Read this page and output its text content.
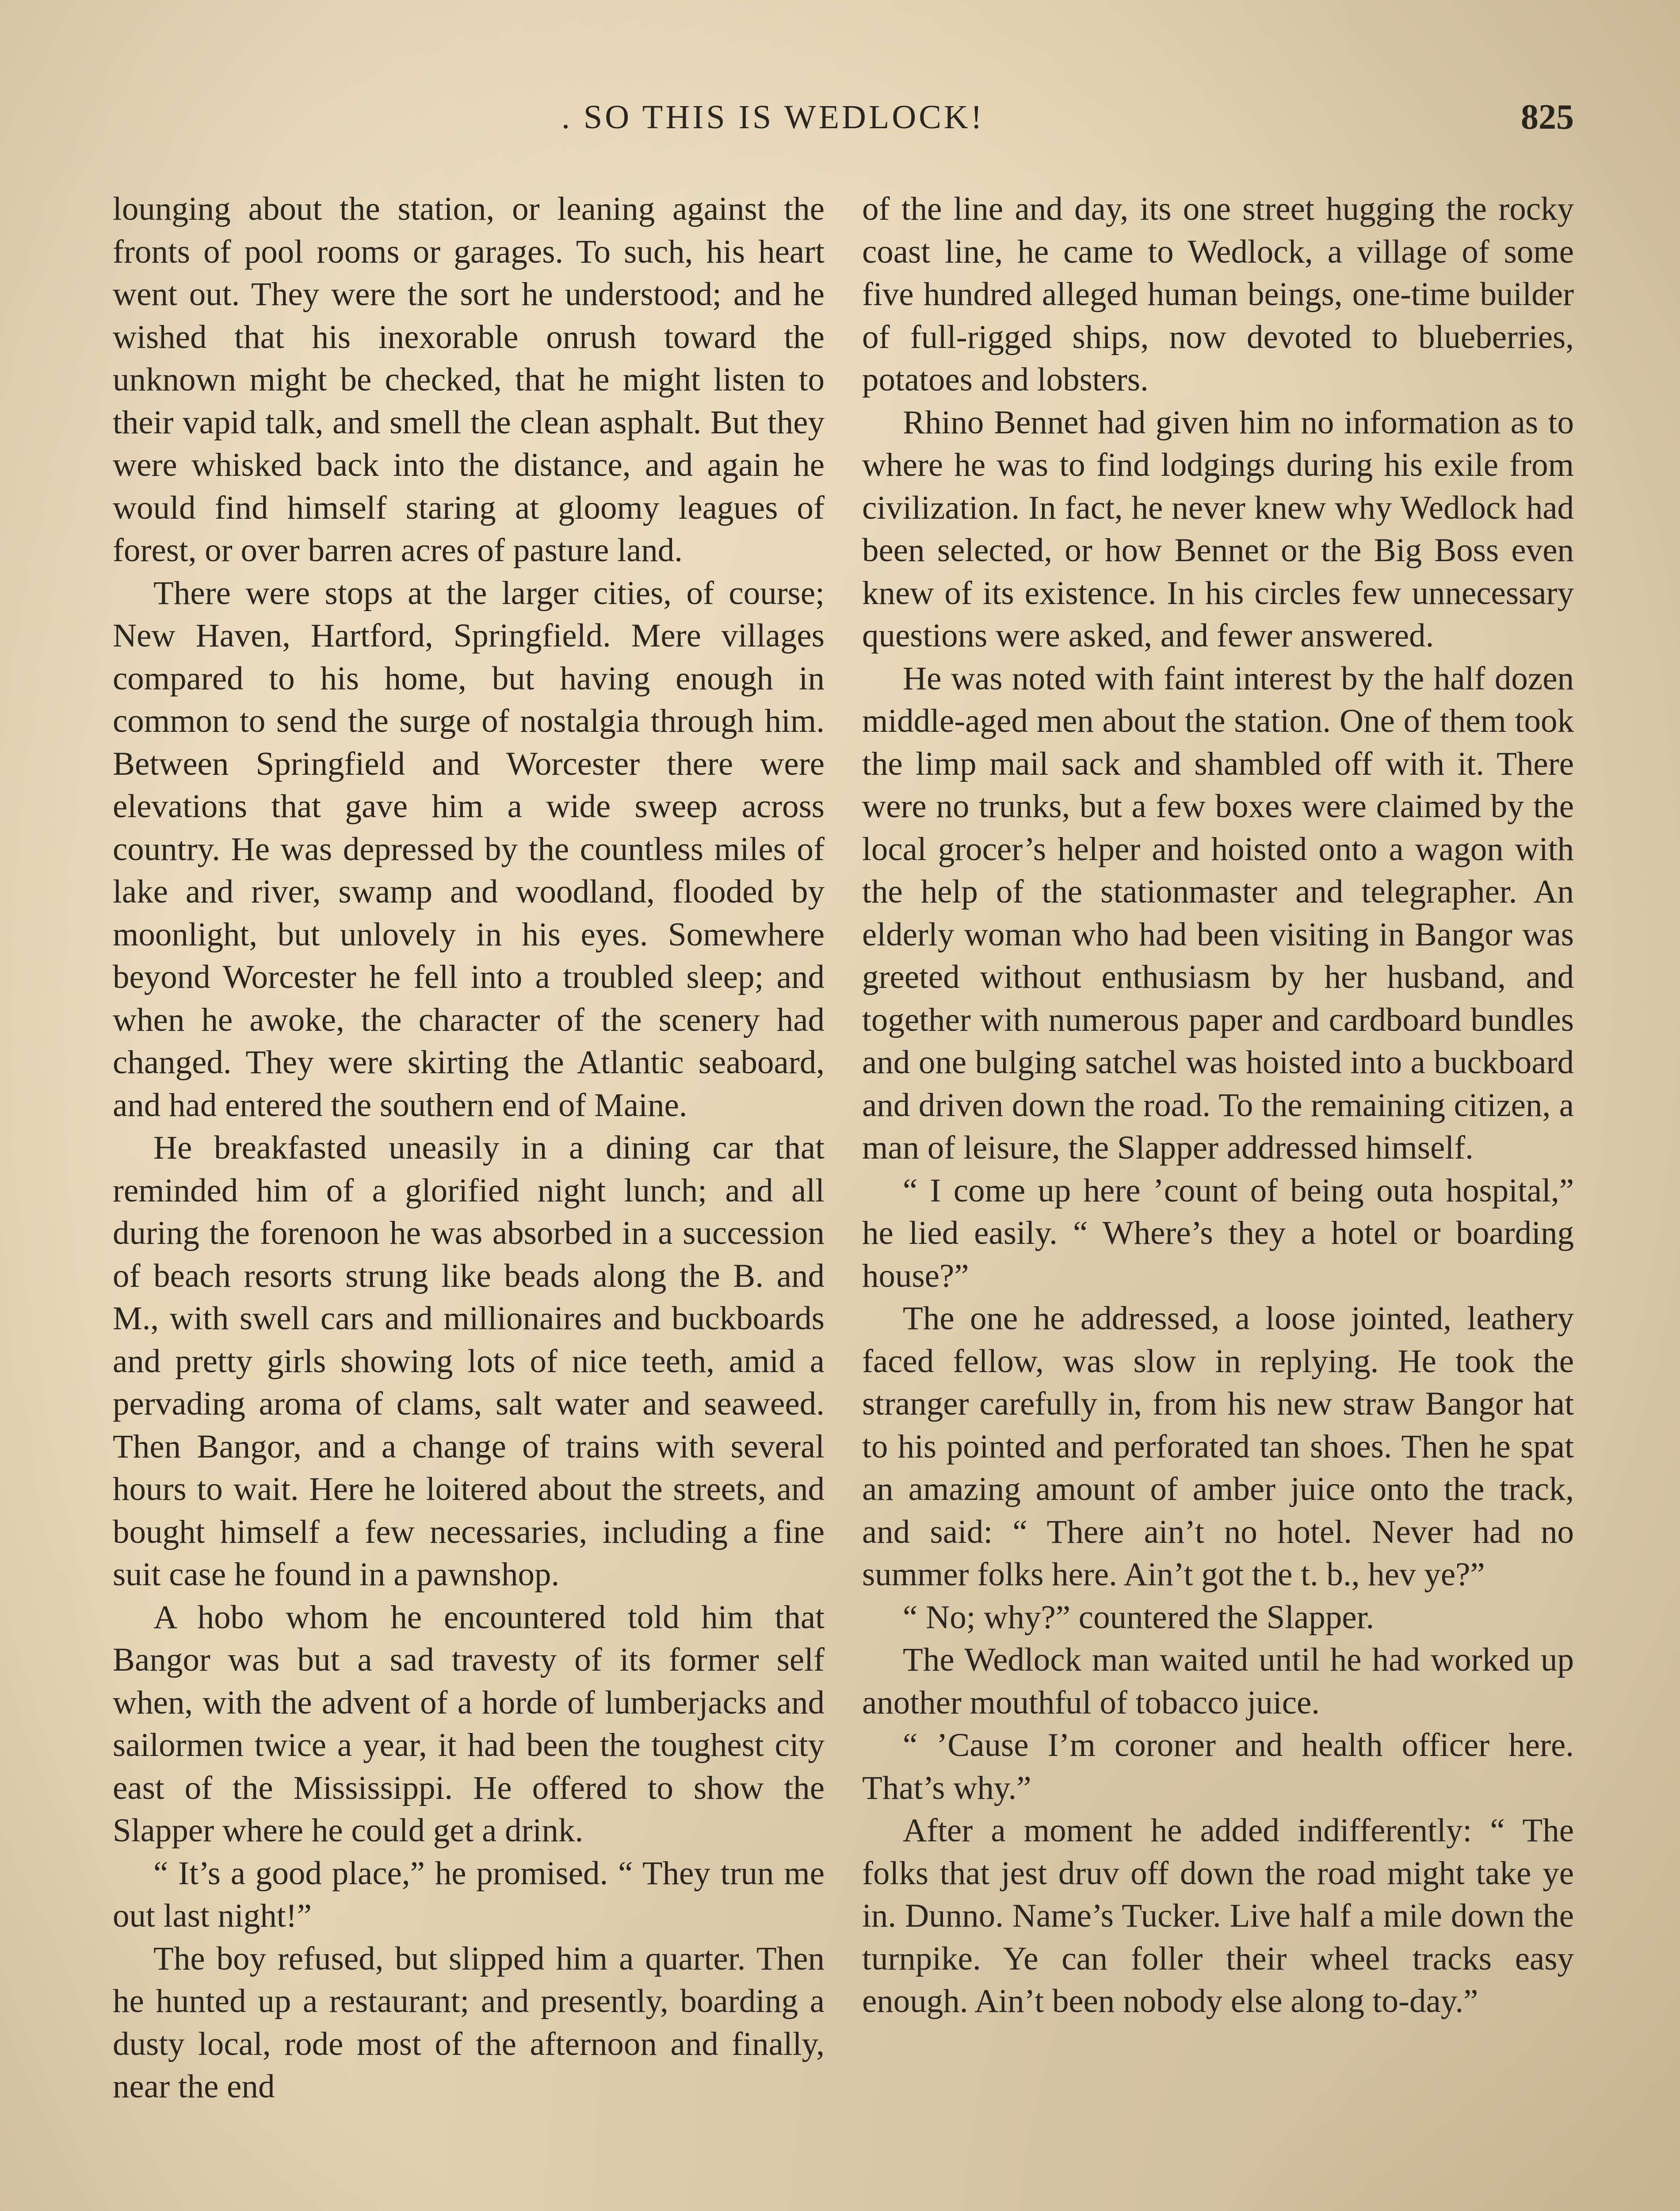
. SO THIS IS WEDLOCK!	825

lounging about the station, or leaning against the fronts of pool rooms or garages. To such, his heart went out. They were the sort he understood; and he wished that his inexorable onrush toward the unknown might be checked, that he might listen to their vapid talk, and smell the clean asphalt. But they were whisked back into the distance, and again he would find himself staring at gloomy leagues of forest, or over barren acres of pasture land.

There were stops at the larger cities, of course; New Haven, Hartford, Springfield. Mere villages compared to his home, but having enough in common to send the surge of nostalgia through him. Between Springfield and Worcester there were elevations that gave him a wide sweep across country. He was depressed by the countless miles of lake and river, swamp and woodland, flooded by moonlight, but unlovely in his eyes. Somewhere beyond Worcester he fell into a troubled sleep; and when he awoke, the character of the scenery had changed. They were skirting the Atlantic seaboard, and had entered the southern end of Maine.

He breakfasted uneasily in a dining car that reminded him of a glorified night lunch; and all during the forenoon he was absorbed in a succession of beach resorts strung like beads along the B. and M., with swell cars and millionaires and buckboards and pretty girls showing lots of nice teeth, amid a pervading aroma of clams, salt water and seaweed. Then Bangor, and a change of trains with several hours to wait. Here he loitered about the streets, and bought himself a few necessaries, including a fine suit case he found in a pawnshop.

A hobo whom he encountered told him that Bangor was but a sad travesty of its former self when, with the advent of a horde of lumberjacks and sailormen twice a year, it had been the toughest city east of the Mississippi. He offered to show the Slapper where he could get a drink.

“ It’s a good place,” he promised. “ They trun me out last night!”

The boy refused, but slipped him a quarter. Then he hunted up a restaurant; and presently, boarding a dusty local, rode most of the afternoon and finally, near the end

of the line and day, its one street hugging the rocky coast line, he came to Wedlock, a village of some five hundred alleged human beings, one-time builder of full-rigged ships, now devoted to blueberries, potatoes and lobsters.

Rhino Bennet had given him no information as to where he was to find lodgings during his exile from civilization. In fact, he never knew why Wedlock had been selected, or how Bennet or the Big Boss even knew of its existence. In his circles few unnecessary questions were asked, and fewer answered.

He was noted with faint interest by the half dozen middle-aged men about the station. One of them took the limp mail sack and shambled off with it. There were no trunks, but a few boxes were claimed by the local grocer’s helper and hoisted onto a wagon with the help of the stationmaster and telegrapher. An elderly woman who had been visiting in Bangor was greeted without enthusiasm by her husband, and together with numerous paper and cardboard bundles and one bulging satchel was hoisted into a buckboard and driven down the road. To the remaining citizen, a man of leisure, the Slapper addressed himself.

“ I come up here ’count of being outa hospital,” he lied easily. “ Where’s they a hotel or boarding house?”

The one he addressed, a loose jointed, leathery faced fellow, was slow in replying. He took the stranger carefully in, from his new straw Bangor hat to his pointed and perforated tan shoes. Then he spat an amazing amount of amber juice onto the track, and said: “ There ain’t no hotel. Never had no summer folks here. Ain’t got the t. b., hev ye?”

“ No; why?” countered the Slapper.

The Wedlock man waited until he had worked up another mouthful of tobacco juice.

“ ’Cause I’m coroner and health officer here. That’s why.”

After a moment he added indifferently: “ The folks that jest druv off down the road might take ye in. Dunno. Name’s Tucker. Live half a mile down the turnpike. Ye can foller their wheel tracks easy enough. Ain’t been nobody else along to-day.”
